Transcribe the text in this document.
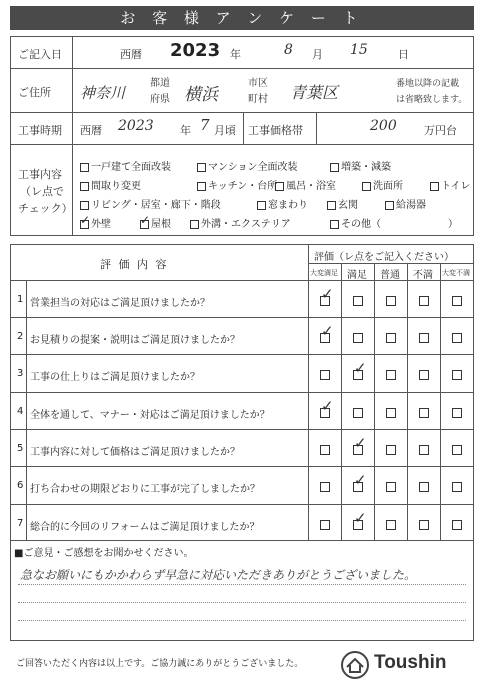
お 客 様 ア ン ケ ー ト
ご記入日	西暦 2023 年	8 月 15	日
ご住所 神奈川
都道
府県 横浜
市区
町村 青葉区	番地以降の記載
は省略致します。
工事時期 西暦 2023 年 7 月頃 工事価格帯	200 万円台
工事内容
（レ点で
チェック）
一戸建て全面改装	マンション全面改装	増築・減築
間取り変更	キッチン・台所 風呂・浴室	洗面所	トイレ
リビング・居室・廊下・階段	窓まわり	玄関	給湯器
✓外壁
✓	屋根	外溝・エクステリア	その他（	）
評 価 内 容
評価（レ点をご記入ください）
大変満足 満足 普通 不満 大変不満
1 営業担当の対応はご満足頂けましたか？
✓
2 お見積りの提案・説明はご満足頂けましたか？
✓
3 工事の仕上りはご満足頂けましたか？
✓
4 全体を通して、マナー・対応はご満足頂けましたか？
✓
5 工事内容に対して価格はご満足頂けましたか？
✓
6 打ち合わせの期限どおりに工事が完了しましたか？
✓
7 総合的に今回のリフォームはご満足頂けましたか？
✓
■ご意見・ご感想をお聞かせください。
急なお願いにもかかわらず早急に対応いただきありがとうございました。
ご回答いただく内容は以上です。ご協力誠にありがとうございました。	Toushin
